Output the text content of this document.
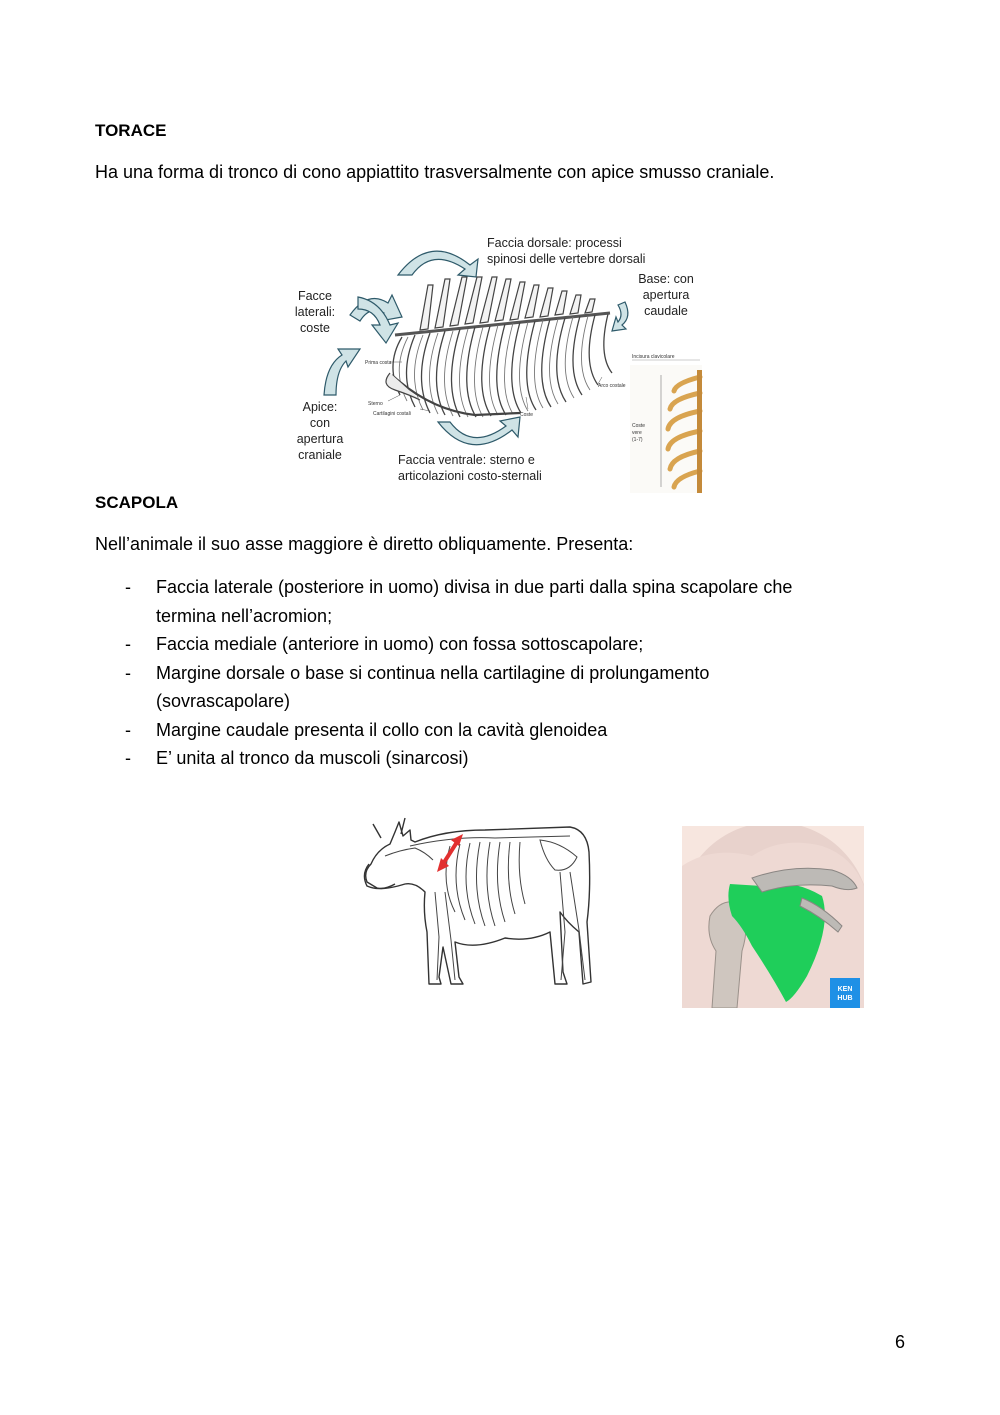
TORACE
Ha una forma di tronco di cono appiattito trasversalmente con apice smusso craniale.
Incisura clavicolare
Coste
vere
(1-7)
Prima costa
Sterno
Cartilagini costali	Coste
Arco costale
Faccia dorsale: processi
spinosi delle vertebre dorsali
Base: con
apertura
caudale
Facce
laterali:
coste
Apice:
con
apertura
craniale	Faccia ventrale: sterno e
articolazioni costo-sternali
SCAPOLA
Nell’animale il suo asse maggiore è diretto obliquamente. Presenta:
- Faccia laterale (posteriore in uomo) divisa in due parti dalla spina scapolare che
termina nell’acromion;
- Faccia mediale (anteriore in uomo) con fossa sottoscapolare;
- Margine dorsale o base si continua nella cartilagine di prolungamento
(sovrascapolare)
- Margine caudale presenta il collo con la cavità glenoidea
- E’ unita al tronco da muscoli (sinarcosi)
KEN
HUB
6
